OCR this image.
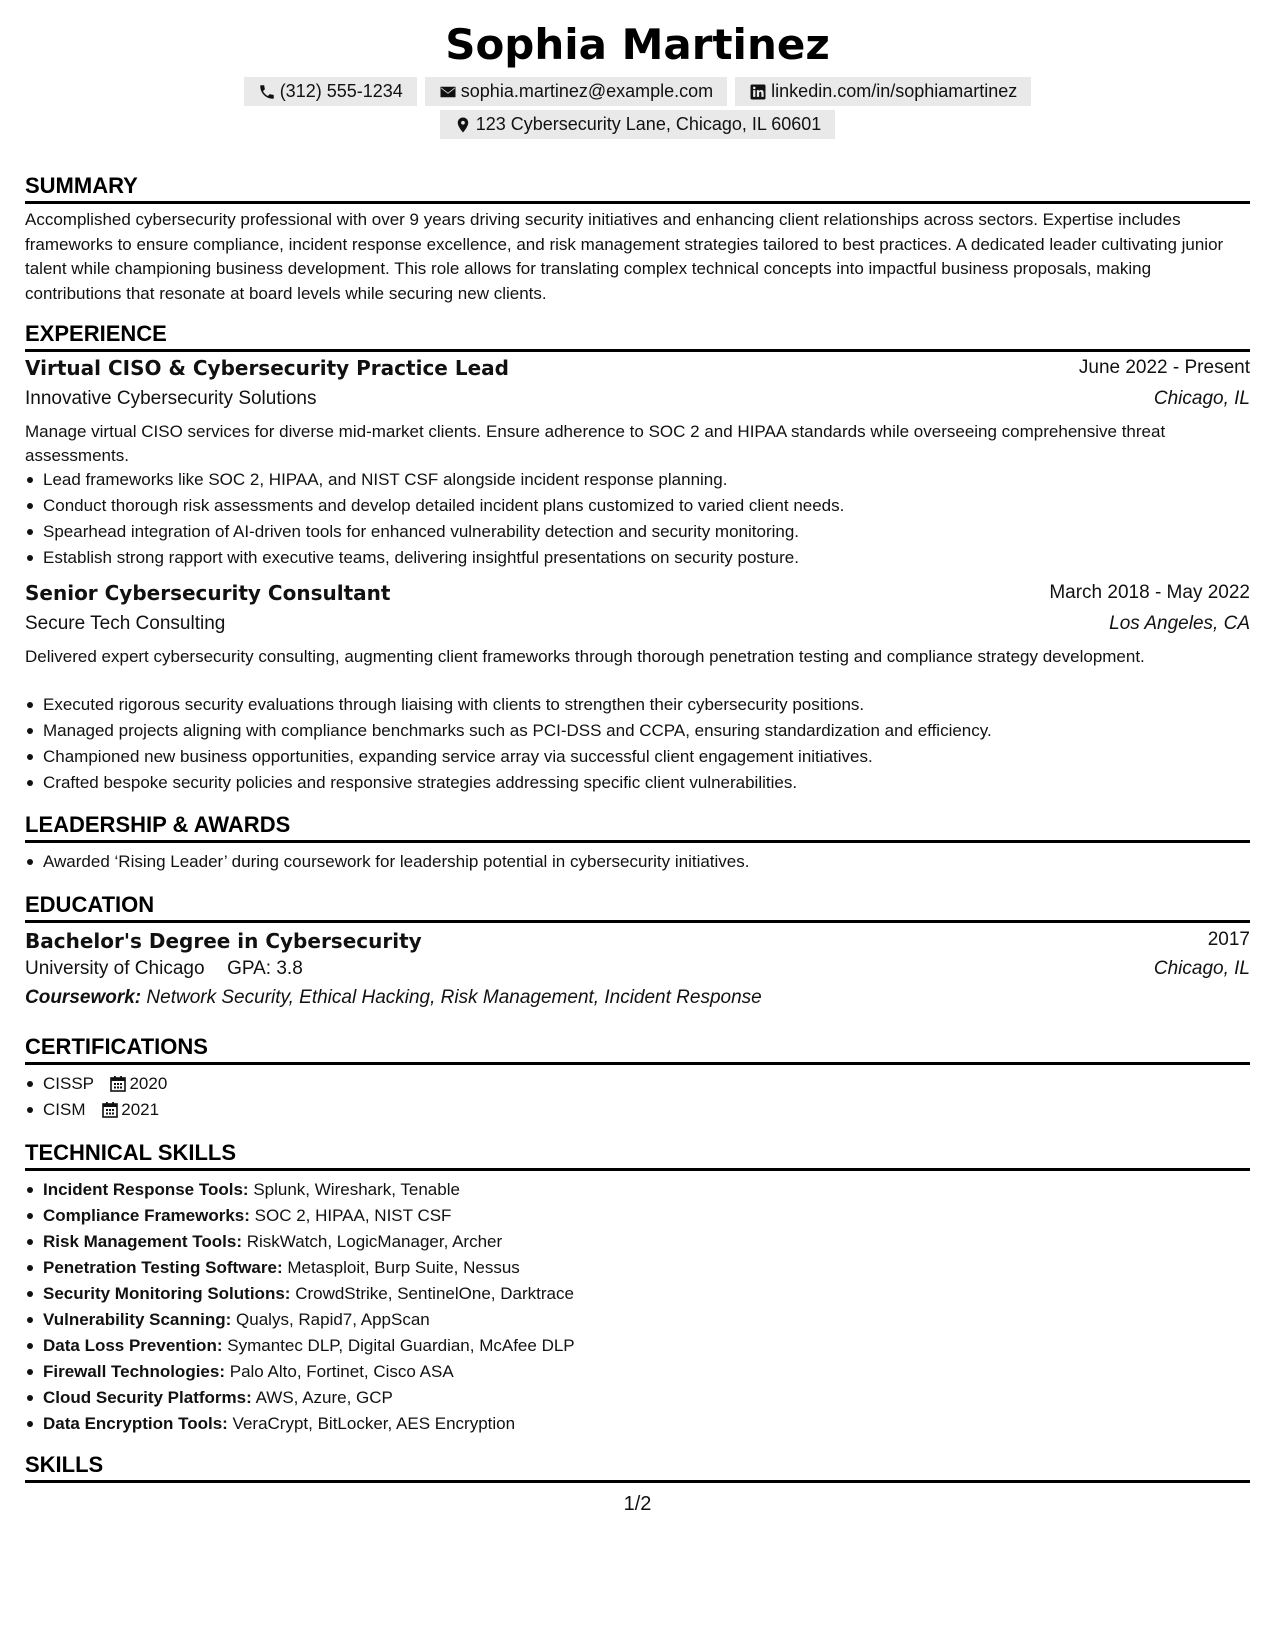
Sophia Martinez
(312) 555-1234	sophia.martinez@example.com	linkedin.com/in/sophiamartinez
123 Cybersecurity Lane, Chicago, IL 60601
SUMMARY
Accomplished cybersecurity professional with over 9 years driving security initiatives and enhancing client relationships across sectors. Expertise includes frameworks to ensure compliance, incident response excellence, and risk management strategies tailored to best practices. A dedicated leader cultivating junior talent while championing business development. This role allows for translating complex technical concepts into impactful business proposals, making contributions that resonate at board levels while securing new clients.
EXPERIENCE
Virtual CISO & Cybersecurity Practice Lead	June 2022 - Present
Innovative Cybersecurity Solutions	Chicago, IL
Manage virtual CISO services for diverse mid-market clients. Ensure adherence to SOC 2 and HIPAA standards while overseeing comprehensive threat assessments.
Lead frameworks like SOC 2, HIPAA, and NIST CSF alongside incident response planning.
Conduct thorough risk assessments and develop detailed incident plans customized to varied client needs.
Spearhead integration of AI-driven tools for enhanced vulnerability detection and security monitoring.
Establish strong rapport with executive teams, delivering insightful presentations on security posture.
Senior Cybersecurity Consultant	March 2018 - May 2022
Secure Tech Consulting	Los Angeles, CA
Delivered expert cybersecurity consulting, augmenting client frameworks through thorough penetration testing and compliance strategy development.
Executed rigorous security evaluations through liaising with clients to strengthen their cybersecurity positions.
Managed projects aligning with compliance benchmarks such as PCI-DSS and CCPA, ensuring standardization and efficiency.
Championed new business opportunities, expanding service array via successful client engagement initiatives.
Crafted bespoke security policies and responsive strategies addressing specific client vulnerabilities.
LEADERSHIP & AWARDS
Awarded ‘Rising Leader’ during coursework for leadership potential in cybersecurity initiatives.
EDUCATION
Bachelor's Degree in Cybersecurity	2017
University of Chicago GPA: 3.8	Chicago, IL
Coursework: Network Security, Ethical Hacking, Risk Management, Incident Response
CERTIFICATIONS
CISSP 2020
CISM 2021
TECHNICAL SKILLS
Incident Response Tools: Splunk, Wireshark, Tenable
Compliance Frameworks: SOC 2, HIPAA, NIST CSF
Risk Management Tools: RiskWatch, LogicManager, Archer
Penetration Testing Software: Metasploit, Burp Suite, Nessus
Security Monitoring Solutions: CrowdStrike, SentinelOne, Darktrace
Vulnerability Scanning: Qualys, Rapid7, AppScan
Data Loss Prevention: Symantec DLP, Digital Guardian, McAfee DLP
Firewall Technologies: Palo Alto, Fortinet, Cisco ASA
Cloud Security Platforms: AWS, Azure, GCP
Data Encryption Tools: VeraCrypt, BitLocker, AES Encryption
SKILLS
1/2
